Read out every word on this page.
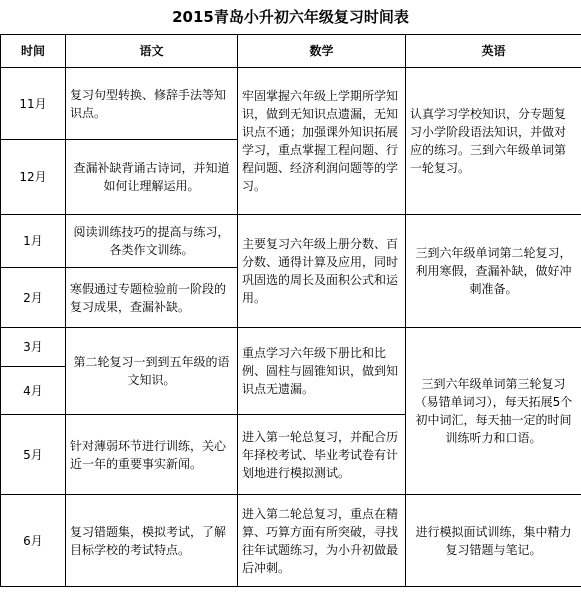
2015青岛小升初六年级复习时间表
时间	语文	数学	英语
11月	复习句型转换、修辞手法等知识点。	牢固掌握六年级上学期所学知识，做到无知识点遗漏，无知识点不通；加强课外知识拓展学习，重点掌握工程问题、行程问题、经济利润问题等的学习。	认真学习学校知识，分专题复习小学阶段语法知识，并做对应的练习。三到六年级单词第一轮复习。
12月	查漏补缺背诵古诗词，并知道如何让理解运用。		
1月	阅读训练技巧的提高与练习，各类作文训练。	主要复习六年级上册分数、百分数、通得计算及应用，同时巩固选的周长及面积公式和运用。	三到六年级单词第二轮复习，利用寒假，查漏补缺，做好冲刺准备。
2月	寒假通过专题检验前一阶段的复习成果，查漏补缺。		
3月	第二轮复习一到到五年级的语文知识。	重点学习六年级下册比和比例、圆柱与圆锥知识，做到知识点无遗漏。	三到六年级单词第三轮复习（易错单词习），每天拓展5个初中词汇，每天抽一定的时间训练听力和口语。
4月			
5月	针对薄弱环节进行训练，关心近一年的重要事实新闻。	进入第一轮总复习，并配合历年择校考试、毕业考试卷有计划地进行模拟测试。	
6月	复习错题集，模拟考试，了解目标学校的考试特点。	进入第二轮总复习，重点在精算、巧算方面有所突破，寻找往年试题练习，为小升初做最后冲刺。	进行模拟面试训练，集中精力复习错题与笔记。
